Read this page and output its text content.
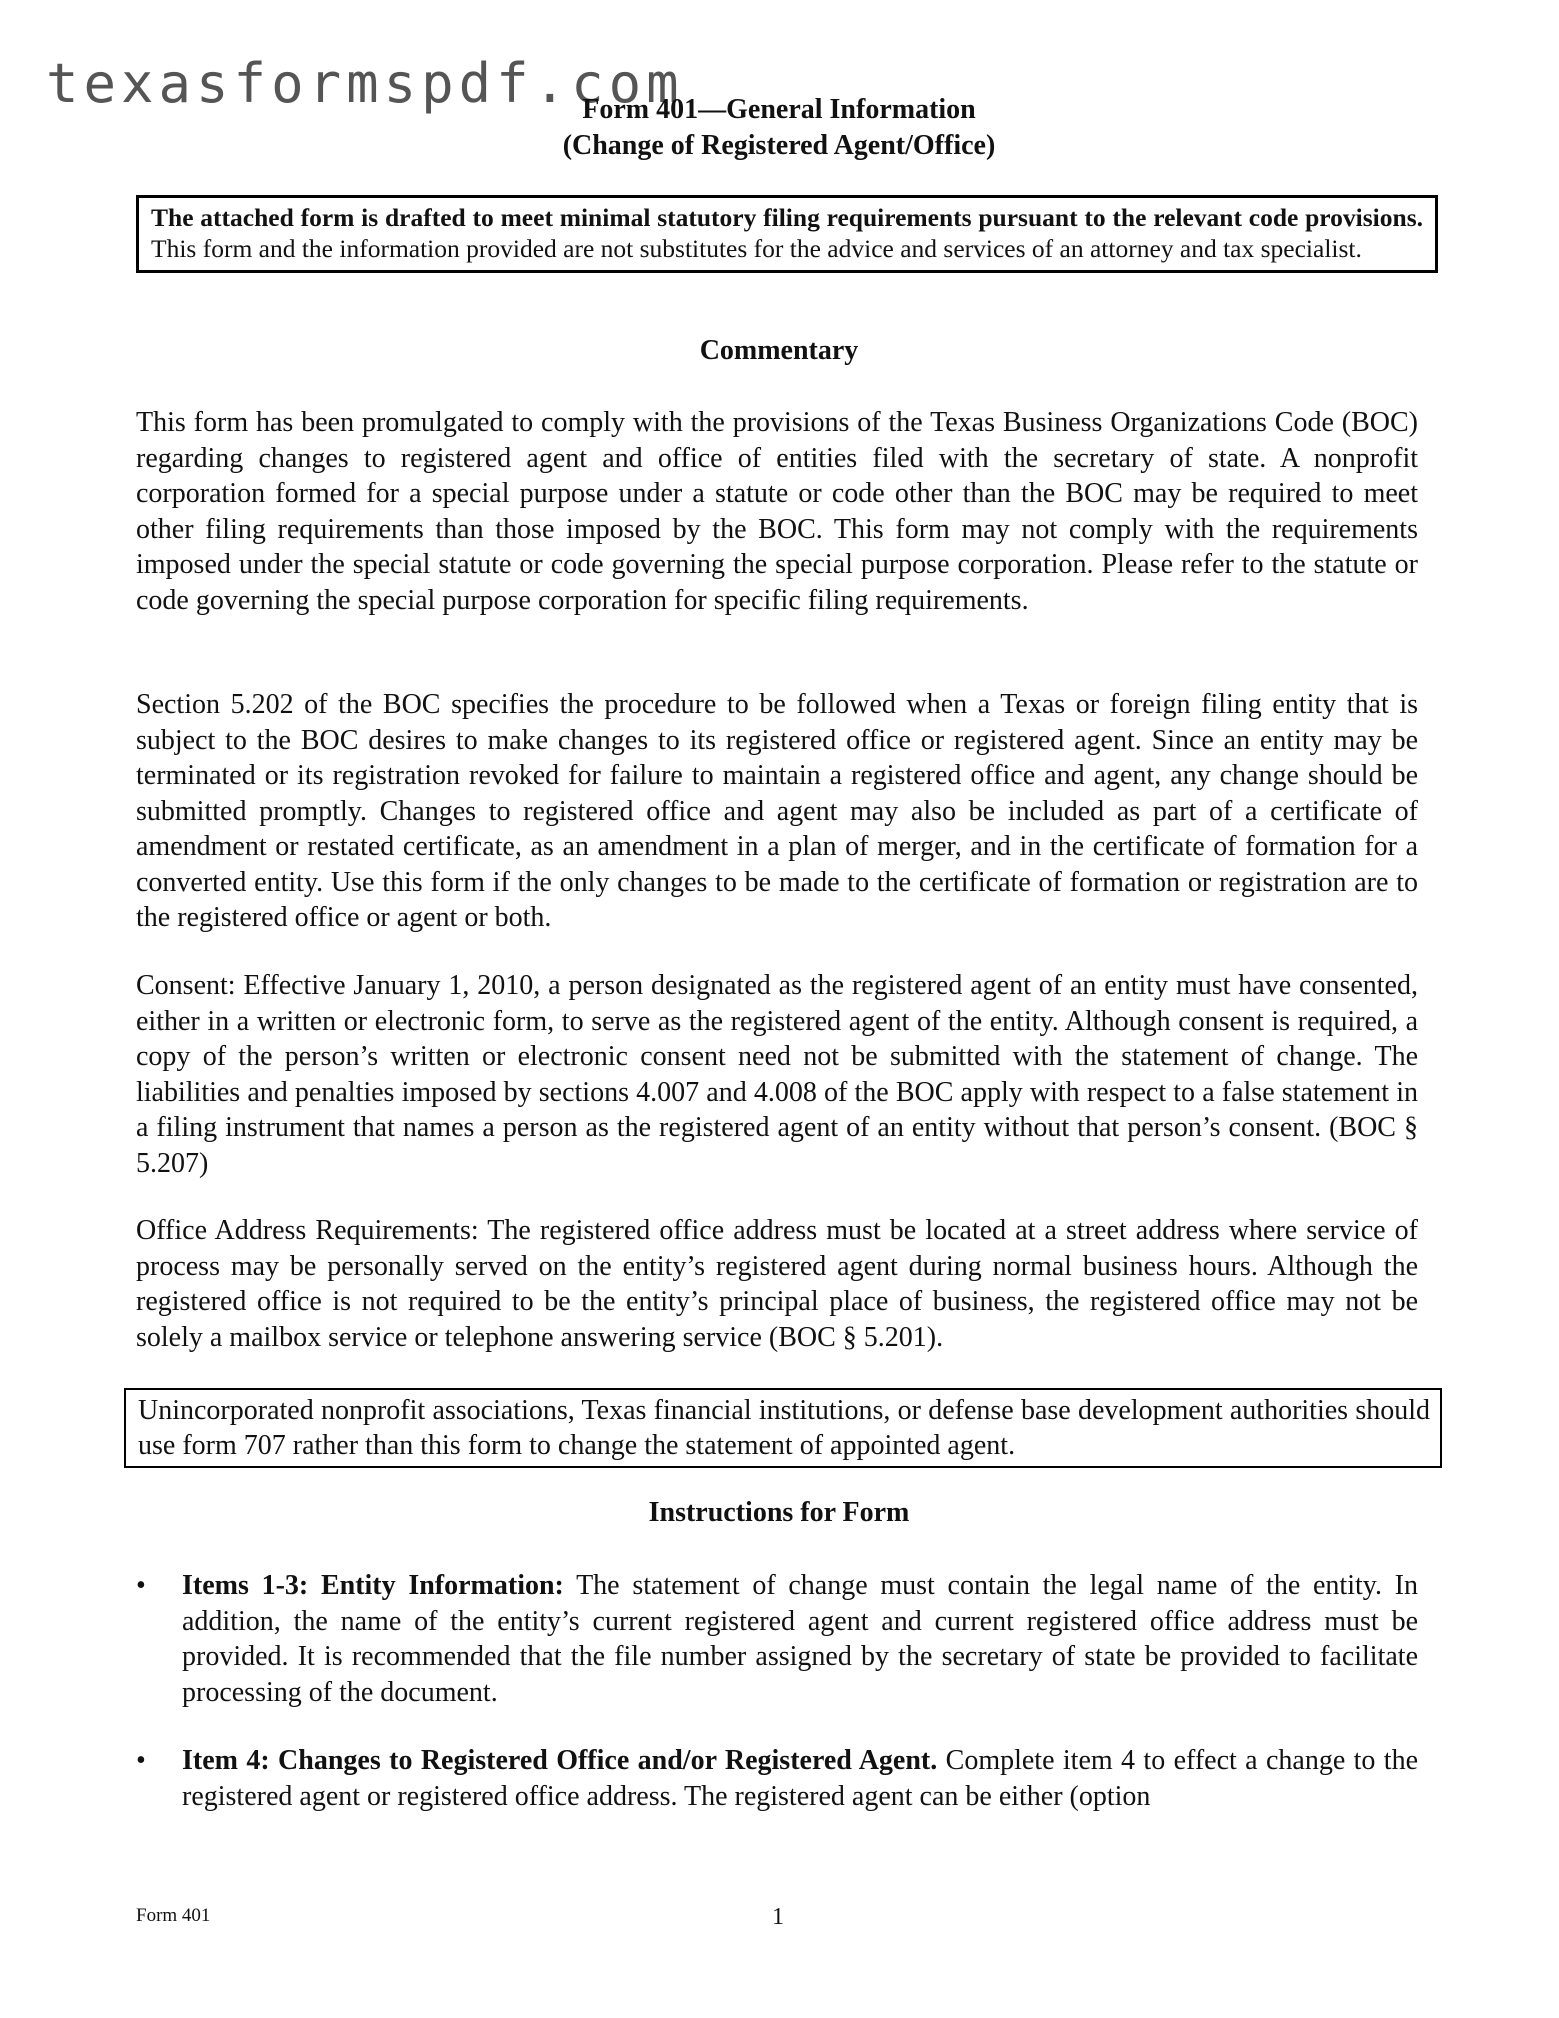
texasformspdf.com
Form 401—General Information
(Change of Registered Agent/Office)
The attached form is drafted to meet minimal statutory filing requirements pursuant to the relevant code provisions. This form and the information provided are not substitutes for the advice and services of an attorney and tax specialist.
Commentary

This form has been promulgated to comply with the provisions of the Texas Business Organizations Code (BOC) regarding changes to registered agent and office of entities filed with the secretary of state. A nonprofit corporation formed for a special purpose under a statute or code other than the BOC may be required to meet other filing requirements than those imposed by the BOC. This form may not comply with the requirements imposed under the special statute or code governing the special purpose corporation. Please refer to the statute or code governing the special purpose corporation for specific filing requirements.

Section 5.202 of the BOC specifies the procedure to be followed when a Texas or foreign filing entity that is subject to the BOC desires to make changes to its registered office or registered agent. Since an entity may be terminated or its registration revoked for failure to maintain a registered office and agent, any change should be submitted promptly. Changes to registered office and agent may also be included as part of a certificate of amendment or restated certificate, as an amendment in a plan of merger, and in the certificate of formation for a converted entity. Use this form if the only changes to be made to the certificate of formation or registration are to the registered office or agent or both.

Consent: Effective January 1, 2010, a person designated as the registered agent of an entity must have consented, either in a written or electronic form, to serve as the registered agent of the entity. Although consent is required, a copy of the person’s written or electronic consent need not be submitted with the statement of change. The liabilities and penalties imposed by sections 4.007 and 4.008 of the BOC apply with respect to a false statement in a filing instrument that names a person as the registered agent of an entity without that person’s consent. (BOC § 5.207)

Office Address Requirements: The registered office address must be located at a street address where service of process may be personally served on the entity’s registered agent during normal business hours. Although the registered office is not required to be the entity’s principal place of business, the registered office may not be solely a mailbox service or telephone answering service (BOC § 5.201).

Unincorporated nonprofit associations, Texas financial institutions, or defense base development authorities should use form 707 rather than this form to change the statement of appointed agent.
Instructions for Form
• Items 1-3: Entity Information: The statement of change must contain the legal name of the entity. In addition, the name of the entity’s current registered agent and current registered office address must be provided. It is recommended that the file number assigned by the secretary of state be provided to facilitate processing of the document.
• Item 4: Changes to Registered Office and/or Registered Agent. Complete item 4 to effect a change to the registered agent or registered office address. The registered agent can be either (option
Form 401	1
